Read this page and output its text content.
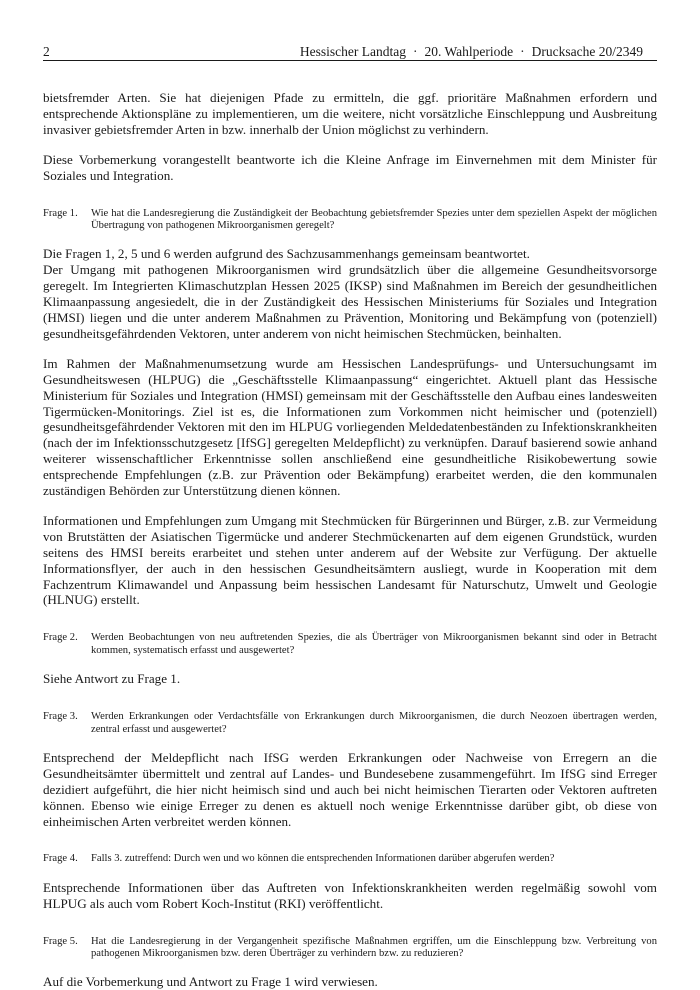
2	Hessischer Landtag · 20. Wahlperiode · Drucksache 20/2349

bietsfremder Arten. Sie hat diejenigen Pfade zu ermitteln, die ggf. prioritäre Maßnahmen erfordern und entsprechende Aktionspläne zu implementieren, um die weitere, nicht vorsätzliche Einschleppung und Ausbreitung invasiver gebietsfremder Arten in bzw. innerhalb der Union möglichst zu verhindern.

Diese Vorbemerkung vorangestellt beantworte ich die Kleine Anfrage im Einvernehmen mit dem Minister für Soziales und Integration.

Frage 1.	Wie hat die Landesregierung die Zuständigkeit der Beobachtung gebietsfremder Spezies unter dem speziellen Aspekt der möglichen Übertragung von pathogenen Mikroorganismen geregelt?

Die Fragen 1, 2, 5 und 6 werden aufgrund des Sachzusammenhangs gemeinsam beantwortet.

Der Umgang mit pathogenen Mikroorganismen wird grundsätzlich über die allgemeine Gesundheitsvorsorge geregelt. Im Integrierten Klimaschutzplan Hessen 2025 (IKSP) sind Maßnahmen im Bereich der gesundheitlichen Klimaanpassung angesiedelt, die in der Zuständigkeit des Hessischen Ministeriums für Soziales und Integration (HMSI) liegen und die unter anderem Maßnahmen zu Prävention, Monitoring und Bekämpfung von (potenziell) gesundheitsgefährdenden Vektoren, unter anderem von nicht heimischen Stechmücken, beinhalten.

Im Rahmen der Maßnahmenumsetzung wurde am Hessischen Landesprüfungs- und Untersuchungsamt im Gesundheitswesen (HLPUG) die „Geschäftsstelle Klimaanpassung“ eingerichtet. Aktuell plant das Hessische Ministerium für Soziales und Integration (HMSI) gemeinsam mit der Geschäftsstelle den Aufbau eines landesweiten Tigermücken-Monitorings. Ziel ist es, die Informationen zum Vorkommen nicht heimischer und (potenziell) gesundheitsgefährdender Vektoren mit den im HLPUG vorliegenden Meldedatenbeständen zu Infektionskrankheiten (nach der im Infektionsschutzgesetz [IfSG] geregelten Meldepflicht) zu verknüpfen. Darauf basierend sowie anhand weiterer wissenschaftlicher Erkenntnisse sollen anschließend eine gesundheitliche Risikobewertung sowie entsprechende Empfehlungen (z.B. zur Prävention oder Bekämpfung) erarbeitet werden, die den kommunalen zuständigen Behörden zur Unterstützung dienen können.

Informationen und Empfehlungen zum Umgang mit Stechmücken für Bürgerinnen und Bürger, z.B. zur Vermeidung von Brutstätten der Asiatischen Tigermücke und anderer Stechmückenarten auf dem eigenen Grundstück, wurden seitens des HMSI bereits erarbeitet und stehen unter anderem auf der Website zur Verfügung. Der aktuelle Informationsflyer, der auch in den hessischen Gesundheitsämtern ausliegt, wurde in Kooperation mit dem Fachzentrum Klimawandel und Anpassung beim hessischen Landesamt für Naturschutz, Umwelt und Geologie (HLNUG) erstellt.

Frage 2.	Werden Beobachtungen von neu auftretenden Spezies, die als Überträger von Mikroorganismen bekannt sind oder in Betracht kommen, systematisch erfasst und ausgewertet?

Siehe Antwort zu Frage 1.

Frage 3.	Werden Erkrankungen oder Verdachtsfälle von Erkrankungen durch Mikroorganismen, die durch Neozoen übertragen werden, zentral erfasst und ausgewertet?

Entsprechend der Meldepflicht nach IfSG werden Erkrankungen oder Nachweise von Erregern an die Gesundheitsämter übermittelt und zentral auf Landes- und Bundesebene zusammengeführt. Im IfSG sind Erreger dezidiert aufgeführt, die hier nicht heimisch sind und auch bei nicht heimischen Tierarten oder Vektoren auftreten können. Ebenso wie einige Erreger zu denen es aktuell noch wenige Erkenntnisse darüber gibt, ob diese von einheimischen Arten verbreitet werden können.

Frage 4.	Falls 3. zutreffend: Durch wen und wo können die entsprechenden Informationen darüber abgerufen werden?

Entsprechende Informationen über das Auftreten von Infektionskrankheiten werden regelmäßig sowohl vom HLPUG als auch vom Robert Koch-Institut (RKI) veröffentlicht.

Frage 5.	Hat die Landesregierung in der Vergangenheit spezifische Maßnahmen ergriffen, um die Einschleppung bzw. Verbreitung von pathogenen Mikroorganismen bzw. deren Überträger zu verhindern bzw. zu reduzieren?

Auf die Vorbemerkung und Antwort zu Frage 1 wird verwiesen.
